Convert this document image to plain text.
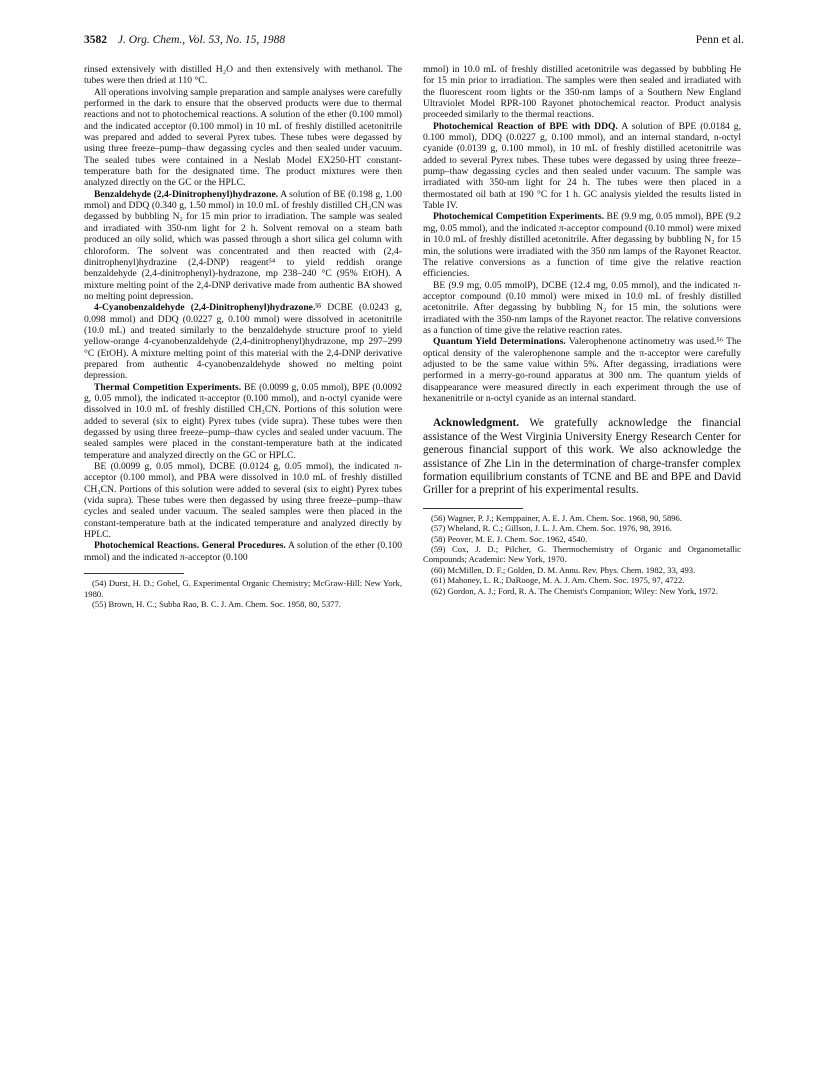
3582 J. Org. Chem., Vol. 53, No. 15, 1988	Penn et al.

rinsed extensively with distilled H₂O and then extensively with methanol. The tubes were then dried at 110 °C.

All operations involving sample preparation and sample analyses were carefully performed in the dark to ensure that the observed products were due to thermal reactions and not to photochemical reactions. A solution of the ether (0.100 mmol) and the indicated acceptor (0.100 mmol) in 10 mL of freshly distilled acetonitrile was prepared and added to several Pyrex tubes. These tubes were degassed by using three freeze–pump–thaw degassing cycles and then sealed under vacuum. The sealed tubes were contained in a Neslab Model EX250-HT constant-temperature bath for the designated time. The product mixtures were then analyzed directly on the GC or the HPLC.

Benzaldehyde (2,4-Dinitrophenyl)hydrazone. A solution of BE (0.198 g, 1.00 mmol) and DDQ (0.340 g, 1.50 mmol) in 10.0 mL of freshly distilled CH₃CN was degassed by bubbling N₂ for 15 min prior to irradiation. The sample was sealed and irradiated with 350-nm light for 2 h. Solvent removal on a steam bath produced an oily solid, which was passed through a short silica gel column with chloroform. The solvent was concentrated and then reacted with (2,4-dinitrophenyl)hydrazine (2,4-DNP) reagent⁵⁴ to yield reddish orange benzaldehyde (2,4-dinitrophenyl)-hydrazone, mp 238–240 °C (95% EtOH). A mixture melting point of the 2,4-DNP derivative made from authentic BA showed no melting point depression.

4-Cyanobenzaldehyde (2,4-Dinitrophenyl)hydrazone.⁵⁵ DCBE (0.0243 g, 0.098 mmol) and DDQ (0.0227 g, 0.100 mmol) were dissolved in acetonitrile (10.0 mL) and treated similarly to the benzaldehyde structure proof to yield yellow-orange 4-cyanobenzaldehyde (2,4-dinitrophenyl)hydrazone, mp 297–299 °C (EtOH). A mixture melting point of this material with the 2,4-DNP derivative prepared from authentic 4-cyanobenzaldehyde showed no melting point depression.

Thermal Competition Experiments. BE (0.0099 g, 0.05 mmol), BPE (0.0092 g, 0.05 mmol), the indicated π-acceptor (0.100 mmol), and n-octyl cyanide were dissolved in 10.0 mL of freshly distilled CH₃CN. Portions of this solution were added to several (six to eight) Pyrex tubes (vide supra). These tubes were then degassed by using three freeze–pump–thaw cycles and sealed under vacuum. The sealed samples were placed in the constant-temperature bath at the indicated temperature and analyzed directly on the GC or HPLC.

BE (0.0099 g, 0.05 mmol), DCBE (0.0124 g, 0.05 mmol), the indicated π-acceptor (0.100 mmol), and PBA were dissolved in 10.0 mL of freshly distilled CH₃CN. Portions of this solution were added to several (six to eight) Pyrex tubes (vida supra). These tubes were then degassed by using three freeze–pump–thaw cycles and sealed under vacuum. The sealed samples were then placed in the constant-temperature bath at the indicated temperature and analyzed directly by HPLC.

Photochemical Reactions. General Procedures. A solution of the ether (0.100 mmol) and the indicated π-acceptor (0.100

(54) Durst, H. D.; Gobel, G. Experimental Organic Chemistry; McGraw-Hill: New York, 1980.

(55) Brown, H. C.; Subba Rao, B. C. J. Am. Chem. Soc. 1958, 80, 5377.

mmol) in 10.0 mL of freshly distilled acetonitrile was degassed by bubbling He for 15 min prior to irradiation. The samples were then sealed and irradiated with the fluorescent room lights or the 350-nm lamps of a Southern New England Ultraviolet Model RPR-100 Rayonet photochemical reactor. Product analysis proceeded similarly to the thermal reactions.

Photochemical Reaction of BPE with DDQ. A solution of BPE (0.0184 g, 0.100 mmol), DDQ (0.0227 g, 0.100 mmol), and an internal standard, n-octyl cyanide (0.0139 g, 0.100 mmol), in 10 mL of freshly distilled acetonitrile was added to several Pyrex tubes. These tubes were degassed by using three freeze–pump–thaw degassing cycles and then sealed under vacuum. The sample was irradiated with 350-nm light for 24 h. The tubes were then placed in a thermostated oil bath at 190 °C for 1 h. GC analysis yielded the results listed in Table IV.

Photochemical Competition Experiments. BE (9.9 mg, 0.05 mmol), BPE (9.2 mg, 0.05 mmol), and the indicated π-acceptor compound (0.10 mmol) were mixed in 10.0 mL of freshly distilled acetonitrile. After degassing by bubbling N₂ for 15 min, the solutions were irradiated with the 350 nm lamps of the Rayonet Reactor. The relative conversions as a function of time give the relative reaction efficiencies.

BE (9.9 mg, 0.05 mmolP), DCBE (12.4 mg, 0.05 mmol), and the indicated π-acceptor compound (0.10 mmol) were mixed in 10.0 mL of freshly distilled acetonitrile. After degassing by bubbling N₂ for 15 min, the solutions were irradiated with the 350-nm lamps of the Rayonet reactor. The relative conversions as a function of time give the relative reaction rates.

Quantum Yield Determinations. Valerophenone actinometry was used.⁵⁶ The optical density of the valerophenone sample and the π-acceptor were carefully adjusted to be the same value within 5%. After degassing, irradiations were performed in a merry-go-round apparatus at 300 nm. The quantum yields of disappearance were measured directly in each experiment through the use of hexanenitrile or n-octyl cyanide as an internal standard.

Acknowledgment. We gratefully acknowledge the financial assistance of the West Virginia University Energy Research Center for generous financial support of this work. We also acknowledge the assistance of Zhe Lin in the determination of charge-transfer complex formation equilibrium constants of TCNE and BE and BPE and David Griller for a preprint of his experimental results.

(56) Wagner, P. J.; Kemppainer, A. E. J. Am. Chem. Soc. 1968, 90, 5896.

(57) Wheland, R. C.; Gillson, J. L. J. Am. Chem. Soc. 1976, 98, 3916.

(58) Peover, M. E. J. Chem. Soc. 1962, 4540.

(59) Cox, J. D.; Pilcher, G. Thermochemistry of Organic and Organometallic Compounds; Academic: New York, 1970.

(60) McMillen, D. F.; Golden, D. M. Annu. Rev. Phys. Chem. 1982, 33, 493.

(61) Mahoney, L. R.; DaRooge, M. A. J. Am. Chem. Soc. 1975, 97, 4722.

(62) Gordon, A. J.; Ford, R. A. The Chemist's Companion; Wiley: New York, 1972.
